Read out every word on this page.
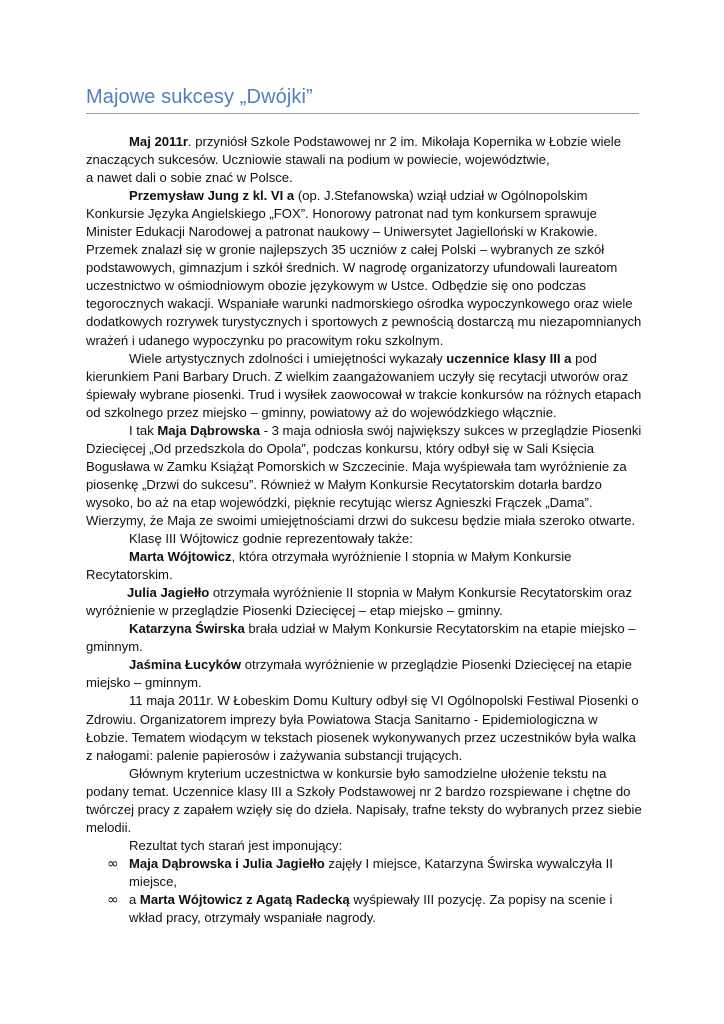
Majowe sukcesy „Dwójki”

Maj 2011r. przyniósł Szkole Podstawowej nr 2 im. Mikołaja Kopernika w Łobzie wiele znaczących sukcesów. Uczniowie stawali na podium w powiecie, województwie,
a nawet dali o sobie znać w Polsce.

Przemysław Jung z kl. VI a (op. J.Stefanowska) wziął udział w Ogólnopolskim Konkursie Języka Angielskiego „FOX”. Honorowy patronat nad tym konkursem sprawuje Minister Edukacji Narodowej a patronat naukowy – Uniwersytet Jagielloński w Krakowie. Przemek znalazł się w gronie najlepszych 35 uczniów z całej Polski – wybranych ze szkół podstawowych, gimnazjum i szkół średnich. W nagrodę organizatorzy ufundowali laureatom uczestnictwo w ośmiodniowym obozie językowym w Ustce. Odbędzie się ono podczas tegorocznych wakacji. Wspaniałe warunki nadmorskiego ośrodka wypoczynkowego oraz wiele dodatkowych rozrywek turystycznych i sportowych z pewnością dostarczą mu niezapomnianych wrażeń i udanego wypoczynku po pracowitym roku szkolnym.

Wiele artystycznych zdolności i umiejętności wykazały uczennice klasy III a pod kierunkiem Pani Barbary Druch. Z wielkim zaangażowaniem uczyły się recytacji utworów oraz śpiewały wybrane piosenki. Trud i wysiłek zaowocował w trakcie konkursów na różnych etapach od szkolnego przez miejsko – gminny, powiatowy aż do wojewódzkiego włącznie.

I tak Maja Dąbrowska - 3 maja odniosła swój największy sukces w przeglądzie Piosenki Dziecięcej „Od przedszkola do Opola”, podczas konkursu, który odbył się w Sali Księcia Bogusława w Zamku Książąt Pomorskich w Szczecinie. Maja wyśpiewała tam wyróżnienie za piosenkę „Drzwi do sukcesu”. Również w Małym Konkursie Recytatorskim dotarła bardzo wysoko, bo aż na etap wojewódzki, pięknie recytując wiersz Agnieszki Frączek „Dama”. Wierzymy, że Maja ze swoimi umiejętnościami drzwi do sukcesu będzie miała szeroko otwarte.

Klasę III Wójtowicz godnie reprezentowały także:

Marta Wójtowicz, która otrzymała wyróżnienie I stopnia w Małym Konkursie Recytatorskim.

Julia Jagiełło otrzymała wyróżnienie II stopnia w Małym Konkursie Recytatorskim oraz wyróżnienie w przeglądzie Piosenki Dziecięcej – etap miejsko – gminny.

Katarzyna Świrska brała udział w Małym Konkursie Recytatorskim na etapie miejsko – gminnym.

Jaśmina Łucyków otrzymała wyróżnienie w przeglądzie Piosenki Dziecięcej na etapie miejsko – gminnym.

11 maja 2011r. W Łobeskim Domu Kultury odbył się VI Ogólnopolski Festiwal Piosenki o Zdrowiu. Organizatorem imprezy była Powiatowa Stacja Sanitarno - Epidemiologiczna w Łobzie. Tematem wiodącym w tekstach piosenek wykonywanych przez uczestników była walka z nałogami: palenie papierosów i zażywania substancji trujących.

Głównym kryterium uczestnictwa w konkursie było samodzielne ułożenie tekstu na podany temat. Uczennice klasy III a Szkoły Podstawowej nr 2 bardzo rozspiewane i chętne do twórczej pracy z zapałem wzięły się do dzieła. Napisały, trafne teksty do wybranych przez siebie melodii.

Rezultat tych starań jest imponujący:

∞ Maja Dąbrowska i Julia Jagiełło zajęły I miejsce, Katarzyna Świrska wywalczyła II miejsce,
∞ a Marta Wójtowicz z Agatą Radecką wyśpiewały III pozycję. Za popisy na scenie i wkład pracy, otrzymały wspaniałe nagrody.
